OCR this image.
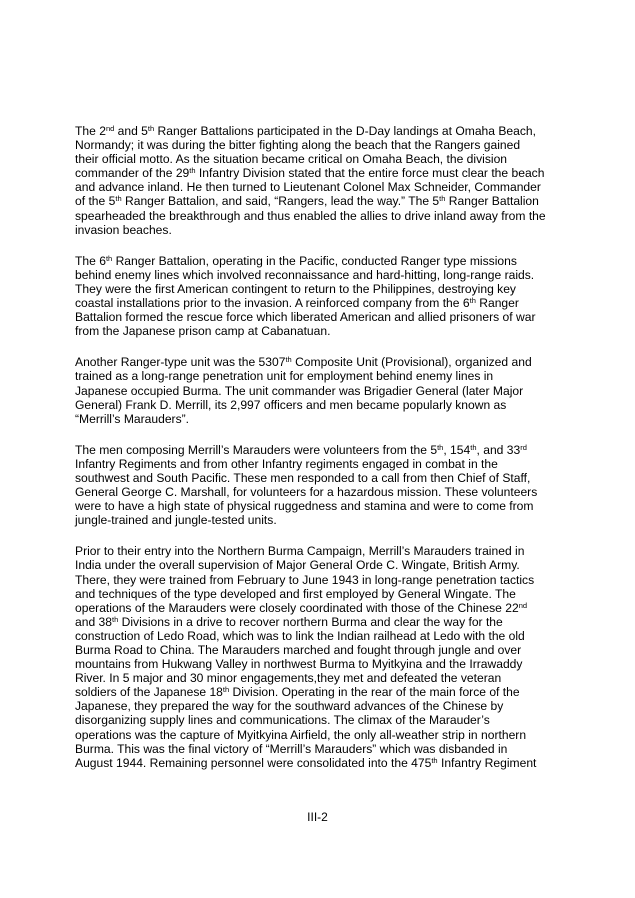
The 2nd and 5th Ranger Battalions participated in the D-Day landings at Omaha Beach,
Normandy; it was during the bitter fighting along the beach that the Rangers gained
their official motto. As the situation became critical on Omaha Beach, the division
commander of the 29th Infantry Division stated that the entire force must clear the beach
and advance inland. He then turned to Lieutenant Colonel Max Schneider, Commander
of the 5th Ranger Battalion, and said, “Rangers, lead the way.” The 5th Ranger Battalion
spearheaded the breakthrough and thus enabled the allies to drive inland away from the
invasion beaches.

The 6th Ranger Battalion, operating in the Pacific, conducted Ranger type missions
behind enemy lines which involved reconnaissance and hard-hitting, long-range raids.
They were the first American contingent to return to the Philippines, destroying key
coastal installations prior to the invasion. A reinforced company from the 6th Ranger
Battalion formed the rescue force which liberated American and allied prisoners of war
from the Japanese prison camp at Cabanatuan.

Another Ranger-type unit was the 5307th Composite Unit (Provisional), organized and
trained as a long-range penetration unit for employment behind enemy lines in
Japanese occupied Burma. The unit commander was Brigadier General (later Major
General) Frank D. Merrill, its 2,997 officers and men became popularly known as
“Merrill’s Marauders”.

The men composing Merrill’s Marauders were volunteers from the 5th, 154th, and 33rd
Infantry Regiments and from other Infantry regiments engaged in combat in the
southwest and South Pacific. These men responded to a call from then Chief of Staff,
General George C. Marshall, for volunteers for a hazardous mission. These volunteers
were to have a high state of physical ruggedness and stamina and were to come from
jungle-trained and jungle-tested units.

Prior to their entry into the Northern Burma Campaign, Merrill’s Marauders trained in
India under the overall supervision of Major General Orde C. Wingate, British Army.
There, they were trained from February to June 1943 in long-range penetration tactics
and techniques of the type developed and first employed by General Wingate. The
operations of the Marauders were closely coordinated with those of the Chinese 22nd
and 38th Divisions in a drive to recover northern Burma and clear the way for the
construction of Ledo Road, which was to link the Indian railhead at Ledo with the old
Burma Road to China. The Marauders marched and fought through jungle and over
mountains from Hukwang Valley in northwest Burma to Myitkyina and the Irrawaddy
River. In 5 major and 30 minor engagements,they met and defeated the veteran
soldiers of the Japanese 18th Division. Operating in the rear of the main force of the
Japanese, they prepared the way for the southward advances of the Chinese by
disorganizing supply lines and communications. The climax of the Marauder’s
operations was the capture of Myitkyina Airfield, the only all-weather strip in northern
Burma. This was the final victory of “Merrill’s Marauders” which was disbanded in
August 1944. Remaining personnel were consolidated into the 475th Infantry Regiment

III-2
